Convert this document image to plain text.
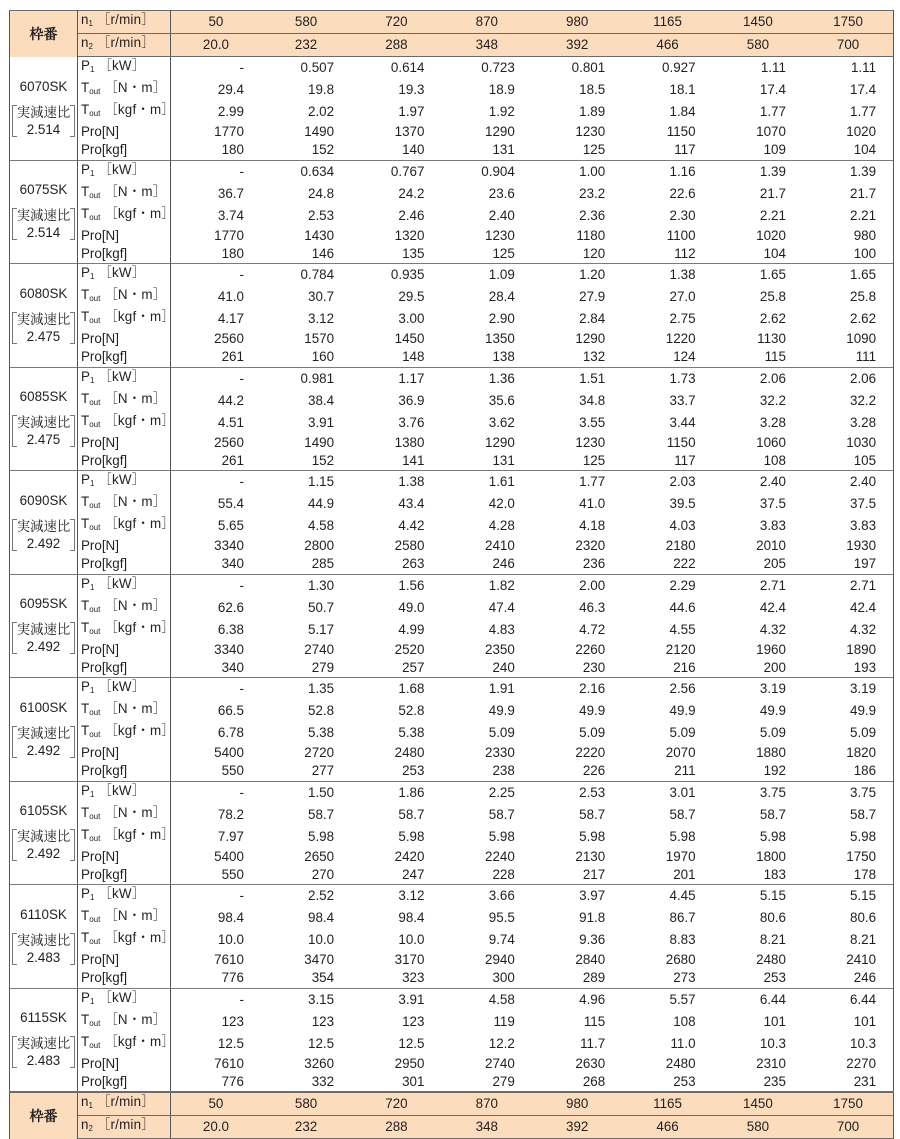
枠番	$n_1$ ［r/min］	50	580	720	870	980	1165	1450	1750
	$n_2$ ［r/min］	20.0	232	288	348	392	466	580	700

6070SK
実減速比
2.514	$P_1$ ［kW］	-	0.507	0.614	0.723	0.801	0.927	1.11	1.11
	$T_{out}$ ［N・m］	29.4	19.8	19.3	18.9	18.5	18.1	17.4	17.4
	$T_{out}$ ［kgf・m］	2.99	2.02	1.97	1.92	1.89	1.84	1.77	1.77
	Pro[N]	1770	1490	1370	1290	1230	1150	1070	1020
	Pro[kgf]	180	152	140	131	125	117	109	104

6075SK
実減速比
2.514	$P_1$ ［kW］	-	0.634	0.767	0.904	1.00	1.16	1.39	1.39
	$T_{out}$ ［N・m］	36.7	24.8	24.2	23.6	23.2	22.6	21.7	21.7
	$T_{out}$ ［kgf・m］	3.74	2.53	2.46	2.40	2.36	2.30	2.21	2.21
	Pro[N]	1770	1430	1320	1230	1180	1100	1020	980
	Pro[kgf]	180	146	135	125	120	112	104	100

6080SK
実減速比
2.475	$P_1$ ［kW］	-	0.784	0.935	1.09	1.20	1.38	1.65	1.65
	$T_{out}$ ［N・m］	41.0	30.7	29.5	28.4	27.9	27.0	25.8	25.8
	$T_{out}$ ［kgf・m］	4.17	3.12	3.00	2.90	2.84	2.75	2.62	2.62
	Pro[N]	2560	1570	1450	1350	1290	1220	1130	1090
	Pro[kgf]	261	160	148	138	132	124	115	111

6085SK
実減速比
2.475	$P_1$ ［kW］	-	0.981	1.17	1.36	1.51	1.73	2.06	2.06
	$T_{out}$ ［N・m］	44.2	38.4	36.9	35.6	34.8	33.7	32.2	32.2
	$T_{out}$ ［kgf・m］	4.51	3.91	3.76	3.62	3.55	3.44	3.28	3.28
	Pro[N]	2560	1490	1380	1290	1230	1150	1060	1030
	Pro[kgf]	261	152	141	131	125	117	108	105

6090SK
実減速比
2.492	$P_1$ ［kW］	-	1.15	1.38	1.61	1.77	2.03	2.40	2.40
	$T_{out}$ ［N・m］	55.4	44.9	43.4	42.0	41.0	39.5	37.5	37.5
	$T_{out}$ ［kgf・m］	5.65	4.58	4.42	4.28	4.18	4.03	3.83	3.83
	Pro[N]	3340	2800	2580	2410	2320	2180	2010	1930
	Pro[kgf]	340	285	263	246	236	222	205	197

6095SK
実減速比
2.492	$P_1$ ［kW］	-	1.30	1.56	1.82	2.00	2.29	2.71	2.71
	$T_{out}$ ［N・m］	62.6	50.7	49.0	47.4	46.3	44.6	42.4	42.4
	$T_{out}$ ［kgf・m］	6.38	5.17	4.99	4.83	4.72	4.55	4.32	4.32
	Pro[N]	3340	2740	2520	2350	2260	2120	1960	1890
	Pro[kgf]	340	279	257	240	230	216	200	193

6100SK
実減速比
2.492	$P_1$ ［kW］	-	1.35	1.68	1.91	2.16	2.56	3.19	3.19
	$T_{out}$ ［N・m］	66.5	52.8	52.8	49.9	49.9	49.9	49.9	49.9
	$T_{out}$ ［kgf・m］	6.78	5.38	5.38	5.09	5.09	5.09	5.09	5.09
	Pro[N]	5400	2720	2480	2330	2220	2070	1880	1820
	Pro[kgf]	550	277	253	238	226	211	192	186

6105SK
実減速比
2.492	$P_1$ ［kW］	-	1.50	1.86	2.25	2.53	3.01	3.75	3.75
	$T_{out}$ ［N・m］	78.2	58.7	58.7	58.7	58.7	58.7	58.7	58.7
	$T_{out}$ ［kgf・m］	7.97	5.98	5.98	5.98	5.98	5.98	5.98	5.98
	Pro[N]	5400	2650	2420	2240	2130	1970	1800	1750
	Pro[kgf]	550	270	247	228	217	201	183	178

6110SK
実減速比
2.483	$P_1$ ［kW］	-	2.52	3.12	3.66	3.97	4.45	5.15	5.15
	$T_{out}$ ［N・m］	98.4	98.4	98.4	95.5	91.8	86.7	80.6	80.6
	$T_{out}$ ［kgf・m］	10.0	10.0	10.0	9.74	9.36	8.83	8.21	8.21
	Pro[N]	7610	3470	3170	2940	2840	2680	2480	2410
	Pro[kgf]	776	354	323	300	289	273	253	246

6115SK
実減速比
2.483	$P_1$ ［kW］	-	3.15	3.91	4.58	4.96	5.57	6.44	6.44
	$T_{out}$ ［N・m］	123	123	123	119	115	108	101	101
	$T_{out}$ ［kgf・m］	12.5	12.5	12.5	12.2	11.7	11.0	10.3	10.3
	Pro[N]	7610	3260	2950	2740	2630	2480	2310	2270
	Pro[kgf]	776	332	301	279	268	253	235	231
枠番	$n_1$ ［r/min］	50	580	720	870	980	1165	1450	1750
	$n_2$ ［r/min］	20.0	232	288	348	392	466	580	700
